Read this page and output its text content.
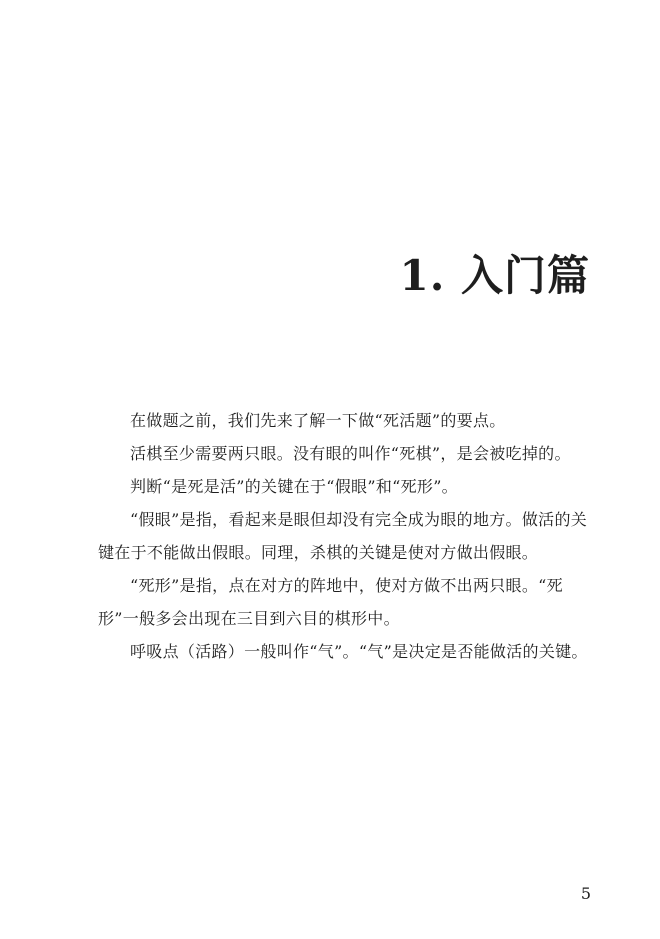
1. 入门篇

在做题之前，我们先来了解一下做“死活题”的要点。

活棋至少需要两只眼。没有眼的叫作“死棋”，是会被吃掉的。

判断“是死是活”的关键在于“假眼”和“死形”。

“假眼”是指，看起来是眼但却没有完全成为眼的地方。做活的关键在于不能做出假眼。同理，杀棋的关键是使对方做出假眼。

“死形”是指，点在对方的阵地中，使对方做不出两只眼。“死形”一般多会出现在三目到六目的棋形中。

呼吸点（活路）一般叫作“气”。“气”是决定是否能做活的关键。

5
